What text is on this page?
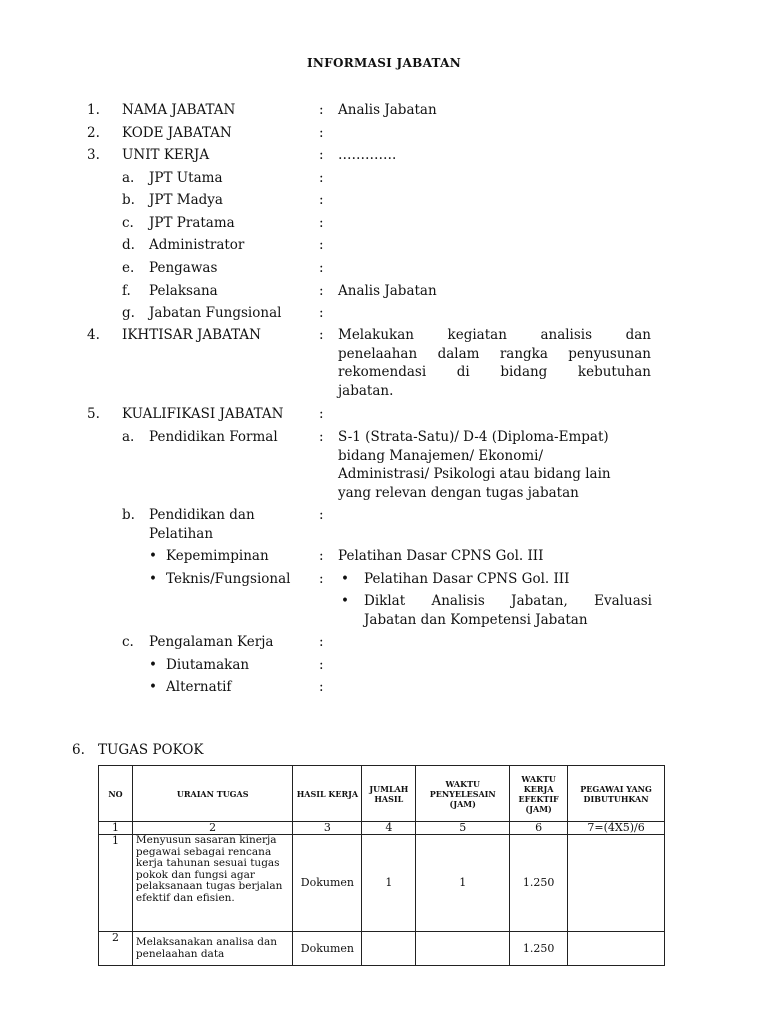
INFORMASI JABATAN
1. NAMA JABATAN	: Analis Jabatan
2. KODE JABATAN	:
3. UNIT KERJA	: ………….
a. JPT Utama	:
b. JPT Madya	:
c. JPT Pratama	:
d. Administrator	:
e. Pengawas	:
f. Pelaksana	: Analis Jabatan
g. Jabatan Fungsional	:
4. IKHTISAR JABATAN	: Melakukan kegiatan analisis dan
penelaahan dalam rangka penyusunan
rekomendasi di bidang kebutuhan
jabatan.
5. KUALIFIKASI JABATAN	:
a. Pendidikan Formal	: S-1 (Strata-Satu)/ D-4 (Diploma-Empat)
bidang Manajemen/ Ekonomi/
Administrasi/ Psikologi atau bidang lain
yang relevan dengan tugas jabatan
b. Pendidikan dan
Pelatihan
:
• Kepemimpinan	: Pelatihan Dasar CPNS Gol. III
• Teknis/Fungsional : • Pelatihan Dasar CPNS Gol. III
• Diklat Analisis Jabatan, Evaluasi
Jabatan dan Kompetensi Jabatan
c. Pengalaman Kerja	:
• Diutamakan	:
• Alternatif	:
6. TUGAS POKOK
NO	URAIAN TUGAS	HASIL KERJA	JUMLAH HASIL	WAKTU PENYELESAIN (JAM)	WAKTU KERJA EFEKTIF (JAM)	PEGAWAI YANG DIBUTUHKAN
1	2	3	4	5	6	7=(4X5)/6
1	Menyusun sasaran kinerja pegawai sebagai rencana kerja tahunan sesuai tugas pokok dan fungsi agar pelaksanaan tugas berjalan efektif dan efisien.	Dokumen	1	1	1.250	
2	Melaksanakan analisa dan penelaahan data	Dokumen			1.250	
